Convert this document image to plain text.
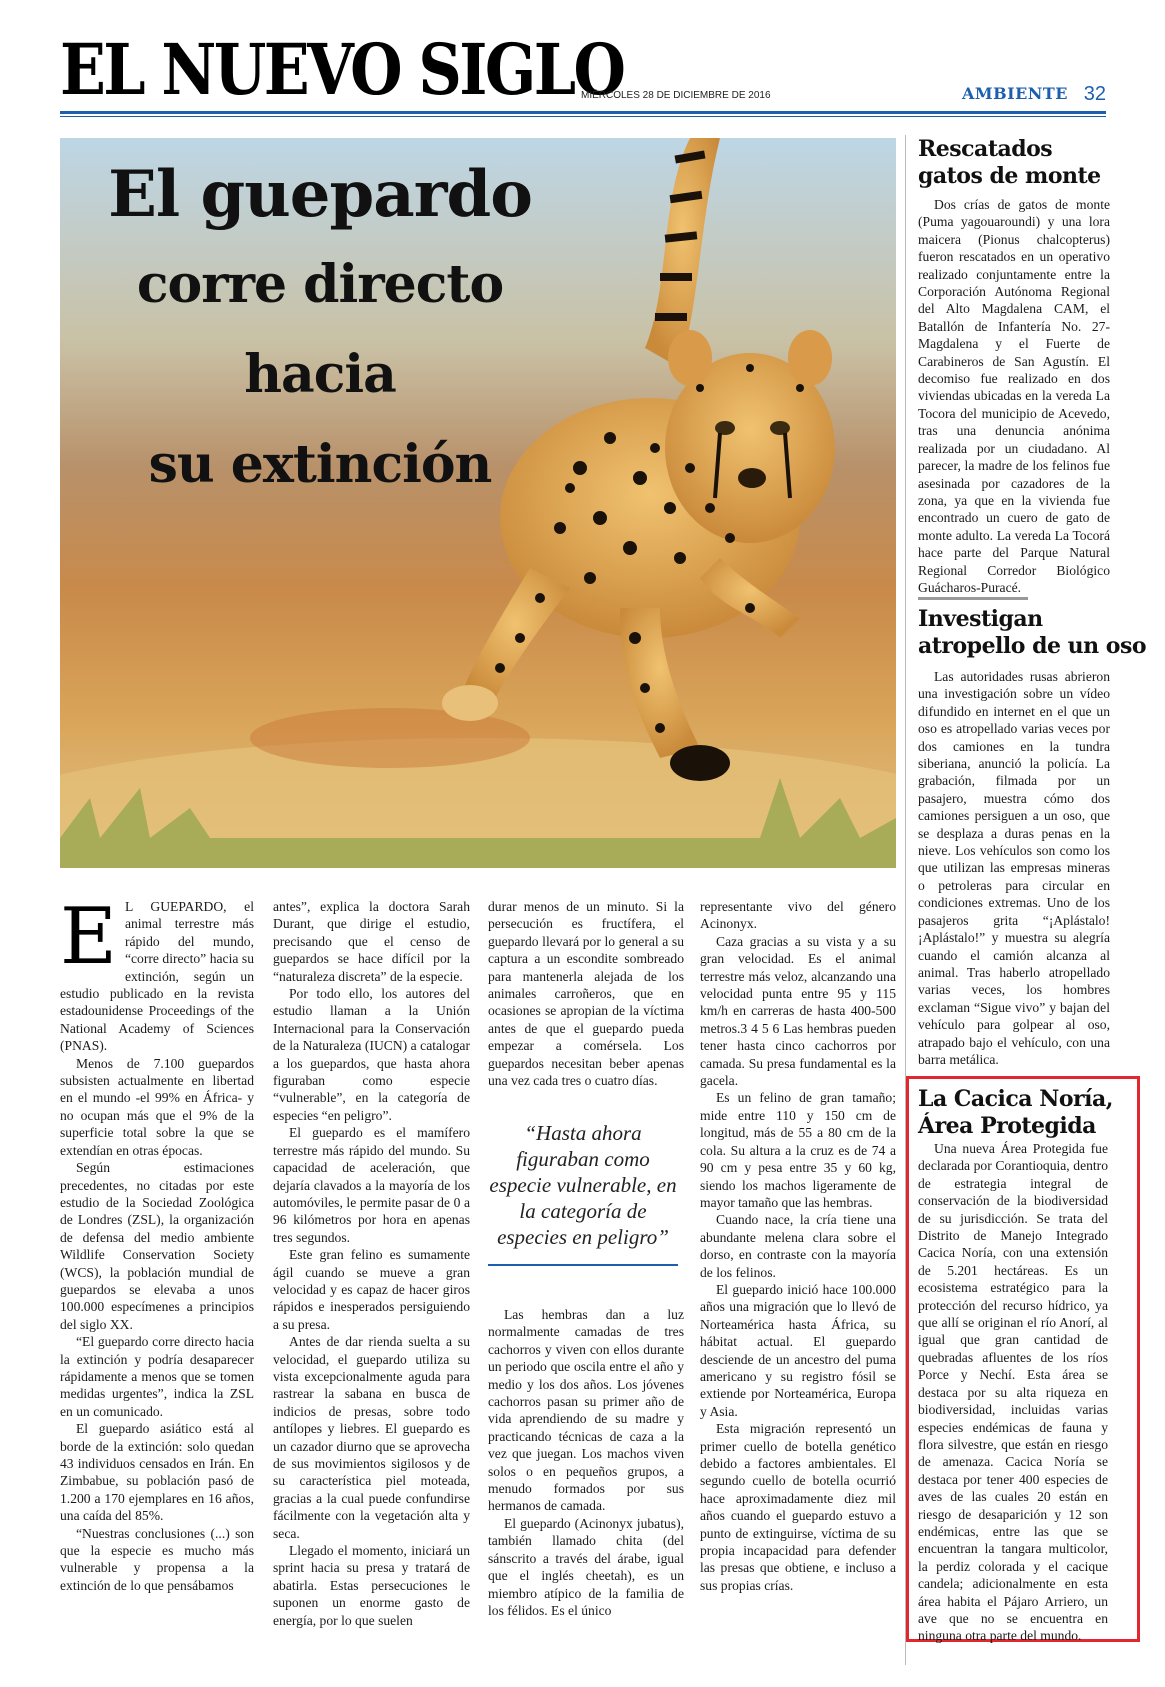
EL NUEVO SIGLO
MIÉRCOLES 28 DE DICIEMBRE DE 2016	AMBIENTE 32
El guepardo
corre directo hacia
su extinción
E L GUEPARDO, el animal terrestre más rápido del mundo, “corre directo” hacia su extinción, según un estudio publicado en la revista estadounidense Proceedings of the National Academy of Sciences (PNAS).

Menos de 7.100 guepardos subsisten actualmente en libertad en el mundo -el 99% en África- y no ocupan más que el 9% de la superficie total sobre la que se extendían en otras épocas.

Según estimaciones precedentes, no citadas por este estudio de la Sociedad Zoológica de Londres (ZSL), la organización de defensa del medio ambiente Wildlife Conservation Society (WCS), la población mundial de guepardos se elevaba a unos 100.000 especímenes a principios del siglo XX.

“El guepardo corre directo hacia la extinción y podría desaparecer rápidamente a menos que se tomen medidas urgentes”, indica la ZSL en un comunicado.

El guepardo asiático está al borde de la extinción: solo quedan 43 individuos censados en Irán. En Zimbabue, su población pasó de 1.200 a 170 ejemplares en 16 años, una caída del 85%.

“Nuestras conclusiones (...) son que la especie es mucho más vulnerable y propensa a la extinción de lo que pensábamos

antes”, explica la doctora Sarah Durant, que dirige el estudio, precisando que el censo de guepardos se hace difícil por la “naturaleza discreta” de la especie.

Por todo ello, los autores del estudio llaman a la Unión Internacional para la Conservación de la Naturaleza (IUCN) a catalogar a los guepardos, que hasta ahora figuraban como especie “vulnerable”, en la categoría de especies “en peligro”.

El guepardo es el mamífero terrestre más rápido del mundo. Su capacidad de aceleración, que dejaría clavados a la mayoría de los automóviles, le permite pasar de 0 a 96 kilómetros por hora en apenas tres segundos.

Este gran felino es sumamente ágil cuando se mueve a gran velocidad y es capaz de hacer giros rápidos e inesperados persiguiendo a su presa.

Antes de dar rienda suelta a su velocidad, el guepardo utiliza su vista excepcionalmente aguda para rastrear la sabana en busca de indicios de presas, sobre todo antílopes y liebres. El guepardo es un cazador diurno que se aprovecha de sus movimientos sigilosos y de su característica piel moteada, gracias a la cual puede confundirse fácilmente con la vegetación alta y seca.

Llegado el momento, iniciará un sprint hacia su presa y tratará de abatirla. Estas persecuciones le suponen un enorme gasto de energía, por lo que suelen

durar menos de un minuto. Si la persecución es fructífera, el guepardo llevará por lo general a su captura a un escondite sombreado para mantenerla alejada de los animales carroñeros, que en ocasiones se apropian de la víctima antes de que el guepardo pueda empezar a comérsela. Los guepardos necesitan beber apenas una vez cada tres o cuatro días.

“Hasta ahora figuraban como especie vulnerable, en la categoría de especies en peligro”

Las hembras dan a luz normalmente camadas de tres cachorros y viven con ellos durante un periodo que oscila entre el año y medio y los dos años. Los jóvenes cachorros pasan su primer año de vida aprendiendo de su madre y practicando técnicas de caza a la vez que juegan. Los machos viven solos o en pequeños grupos, a menudo formados por sus hermanos de camada.

El guepardo (Acinonyx jubatus), también llamado chita (del sánscrito a través del árabe, igual que el inglés cheetah), es un miembro atípico de la familia de los félidos. Es el único

representante vivo del género Acinonyx.

Caza gracias a su vista y a su gran velocidad. Es el animal terrestre más veloz, alcanzando una velocidad punta entre 95 y 115 km/h en carreras de hasta 400-500 metros.3 4 5 6 Las hembras pueden tener hasta cinco cachorros por camada. Su presa fundamental es la gacela.

Es un felino de gran tamaño; mide entre 110 y 150 cm de longitud, más de 55 a 80 cm de la cola. Su altura a la cruz es de 74 a 90 cm y pesa entre 35 y 60 kg, siendo los machos ligeramente de mayor tamaño que las hembras.

Cuando nace, la cría tiene una abundante melena clara sobre el dorso, en contraste con la mayoría de los felinos.

El guepardo inició hace 100.000 años una migración que lo llevó de Norteamérica hasta África, su hábitat actual. El guepardo desciende de un ancestro del puma americano y su registro fósil se extiende por Norteamérica, Europa y Asia.

Esta migración representó un primer cuello de botella genético debido a factores ambientales. El segundo cuello de botella ocurrió hace aproximadamente diez mil años cuando el guepardo estuvo a punto de extinguirse, víctima de su propia incapacidad para defender las presas que obtiene, e incluso a sus propias crías.

Rescatados
gatos de monte
Dos crías de gatos de monte (Puma yagouaroundi) y una lora maicera (Pionus chalcopterus) fueron rescatados en un operativo realizado conjuntamente entre la Corporación Autónoma Regional del Alto Magdalena CAM, el Batallón de Infantería No. 27- Magdalena y el Fuerte de Carabineros de San Agustín. El decomiso fue realizado en dos viviendas ubicadas en la vereda La Tocora del municipio de Acevedo, tras una denuncia anónima realizada por un ciudadano. Al parecer, la madre de los felinos fue asesinada por cazadores de la zona, ya que en la vivienda fue encontrado un cuero de gato de monte adulto. La vereda La Tocorá hace parte del Parque Natural Regional Corredor Biológico Guácharos-Puracé.
Investigan
atropello de un oso
Las autoridades rusas abrieron una investigación sobre un vídeo difundido en internet en el que un oso es atropellado varias veces por dos camiones en la tundra siberiana, anunció la policía. La grabación, filmada por un pasajero, muestra cómo dos camiones persiguen a un oso, que se desplaza a duras penas en la nieve. Los vehículos son como los que utilizan las empresas mineras o petroleras para circular en condiciones extremas. Uno de los pasajeros grita “¡Aplástalo! ¡Aplástalo!” y muestra su alegría cuando el camión alcanza al animal. Tras haberlo atropellado varias veces, los hombres exclaman “Sigue vivo” y bajan del vehículo para golpear al oso, atrapado bajo el vehículo, con una barra metálica.
La Cacica Noría,
Área Protegida
Una nueva Área Protegida fue declarada por Corantioquia, dentro de estrategia integral de conservación de la biodiversidad de su jurisdicción. Se trata del Distrito de Manejo Integrado Cacica Noría, con una extensión de 5.201 hectáreas. Es un ecosistema estratégico para la protección del recurso hídrico, ya que allí se originan el río Anorí, al igual que gran cantidad de quebradas afluentes de los ríos Porce y Nechí. Esta área se destaca por su alta riqueza en biodiversidad, incluidas varias especies endémicas de fauna y flora silvestre, que están en riesgo de amenaza. Cacica Noría se destaca por tener 400 especies de aves de las cuales 20 están en riesgo de desaparición y 12 son endémicas, entre las que se encuentran la tangara multicolor, la perdiz colorada y el cacique candela; adicionalmente en esta área habita el Pájaro Arriero, un ave que no se encuentra en ninguna otra parte del mundo.
